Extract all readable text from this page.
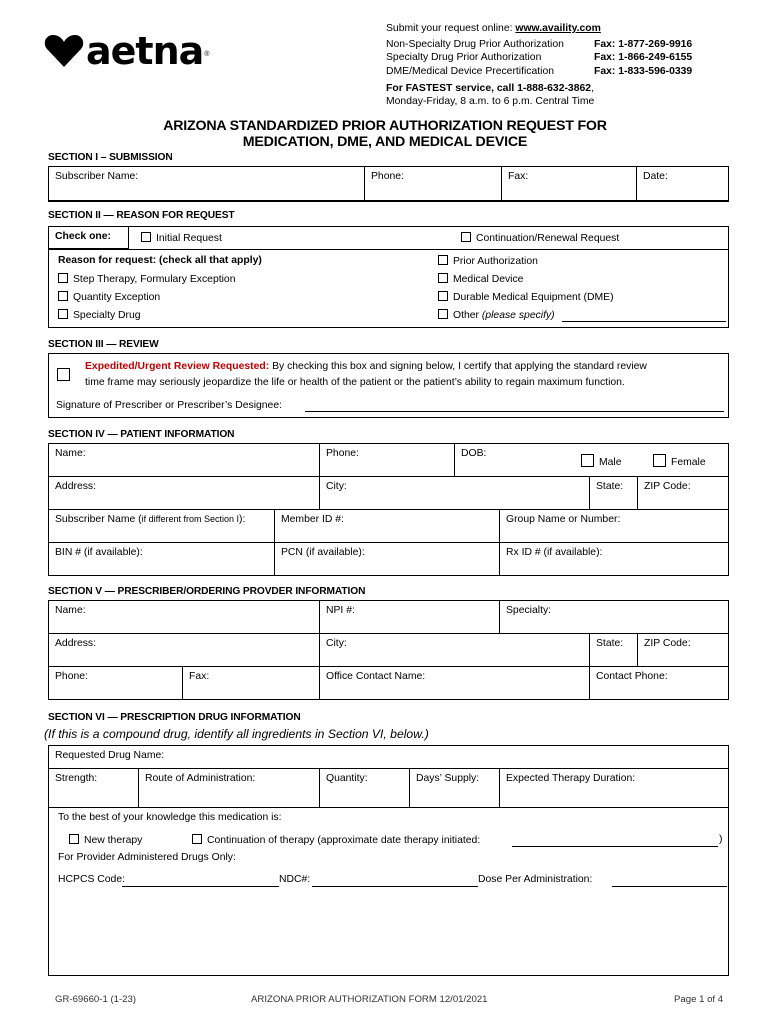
aetna ®
Submit your request online: www.availity.com
Non-Specialty Drug Prior Authorization	Fax: 1-877-269-9916
Specialty Drug Prior Authorization	Fax: 1-866-249-6155
DME/Medical Device Precertification	Fax: 1-833-596-0339
For FASTEST service, call 1-888-632-3862,
Monday-Friday, 8 a.m. to 6 p.m. Central Time
ARIZONA STANDARDIZED PRIOR AUTHORIZATION REQUEST FOR
MEDICATION, DME, AND MEDICAL DEVICE
SECTION I – SUBMISSION
Subscriber Name:	Phone:	Fax:	Date:
SECTION II — REASON FOR REQUEST
Check one:	Initial Request	Continuation/Renewal Request
Reason for request: (check all that apply)
Step Therapy, Formulary Exception
Quantity Exception
Specialty Drug
Prior Authorization
Medical Device
Durable Medical Equipment (DME)
Other (please specify)
SECTION III — REVIEW
Expedited/Urgent Review Requested: By checking this box and signing below, I certify that applying the standard review
time frame may seriously jeopardize the life or health of the patient or the patient’s ability to regain maximum function.
Signature of Prescriber or Prescriber’s Designee:
SECTION IV — PATIENT INFORMATION
Name:	Phone:	DOB:
Male	Female
Address:	City:	State:	ZIP Code:
Subscriber Name (if different from Section I):	Member ID #:	Group Name or Number:
BIN # (if available):	PCN (if available):	Rx ID # (if available):
SECTION V — PRESCRIBER/ORDERING PROVDER INFORMATION
Name:	NPI #:	Specialty:
Address:	City:	State:	ZIP Code:
Phone:	Fax:	Office Contact Name:	Contact Phone:
SECTION VI — PRESCRIPTION DRUG INFORMATION
(If this is a compound drug, identify all ingredients in Section VI, below.)
Requested Drug Name:
Strength:	Route of Administration:	Quantity:	Days’ Supply:	Expected Therapy Duration:
To the best of your knowledge this medication is:
New therapy	Continuation of therapy (approximate date therapy initiated:	)
For Provider Administered Drugs Only:
HCPCS Code:	NDC#:	Dose Per Administration:
GR-69660-1 (1-23)	ARIZONA PRIOR AUTHORIZATION FORM 12/01/2021	Page 1 of 4
